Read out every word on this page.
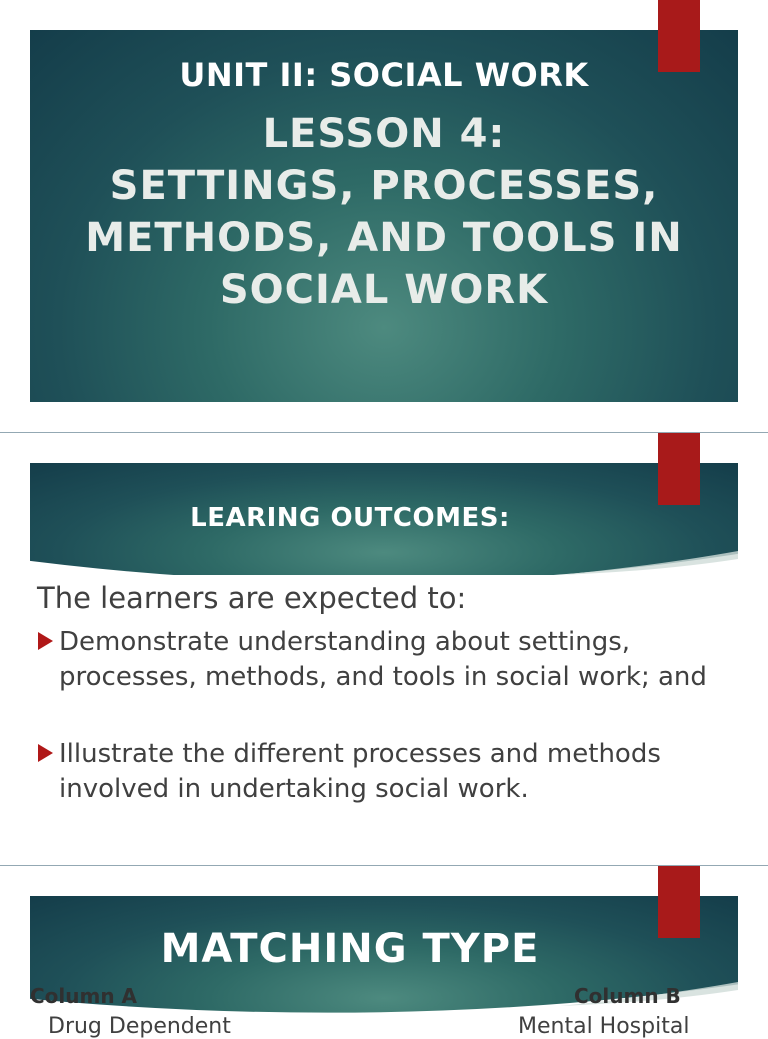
UNIT II: SOCIAL WORK
LESSON 4:
SETTINGS, PROCESSES,
METHODS, AND TOOLS IN
SOCIAL WORK
LEARING OUTCOMES:
The learners are expected to:
Demonstrate understanding about settings, processes, methods, and tools in social work; and
Illustrate the different processes and methods involved in undertaking social work.
MATCHING TYPE
Column A	Column B
Drug Dependent	Mental Hospital
